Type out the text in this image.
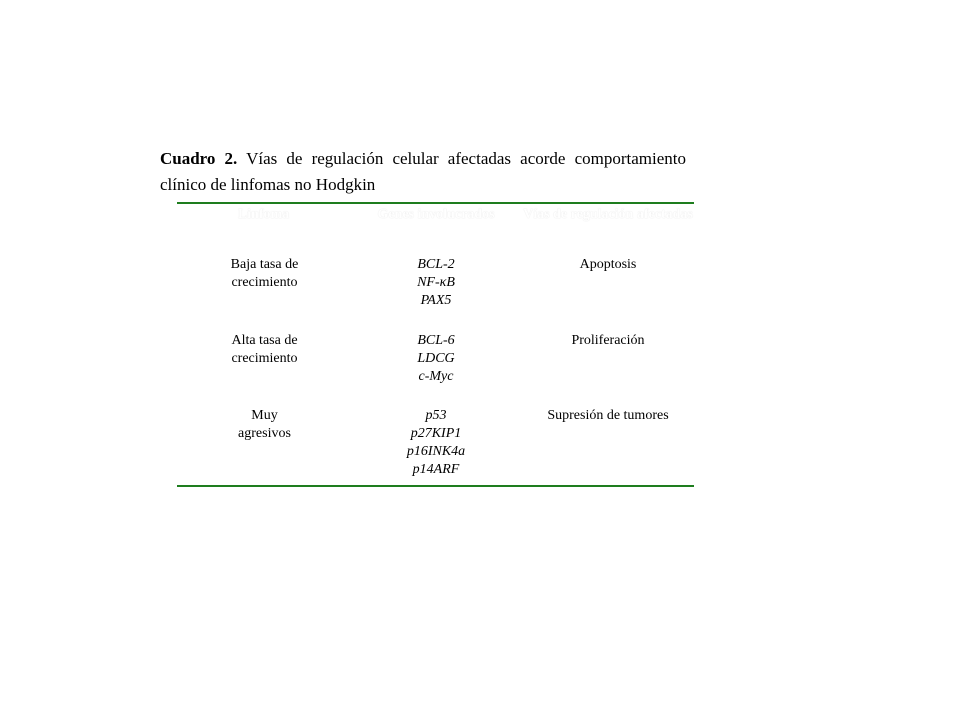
Cuadro 2. Vías de regulación celular afectadas acorde comportamiento clínico de linfomas no Hodgkin
Linfoma	Genes involucrados	Vías de regulación afectadas
Baja tasa de
crecimiento
BCL-2
NF-κB
PAX5
Apoptosis
Alta tasa de
crecimiento
BCL-6
LDCG
c-Myc
Proliferación
Muy
agresivos
p53
p27KIP1
p16INK4a
p14ARF
Supresión de tumores
